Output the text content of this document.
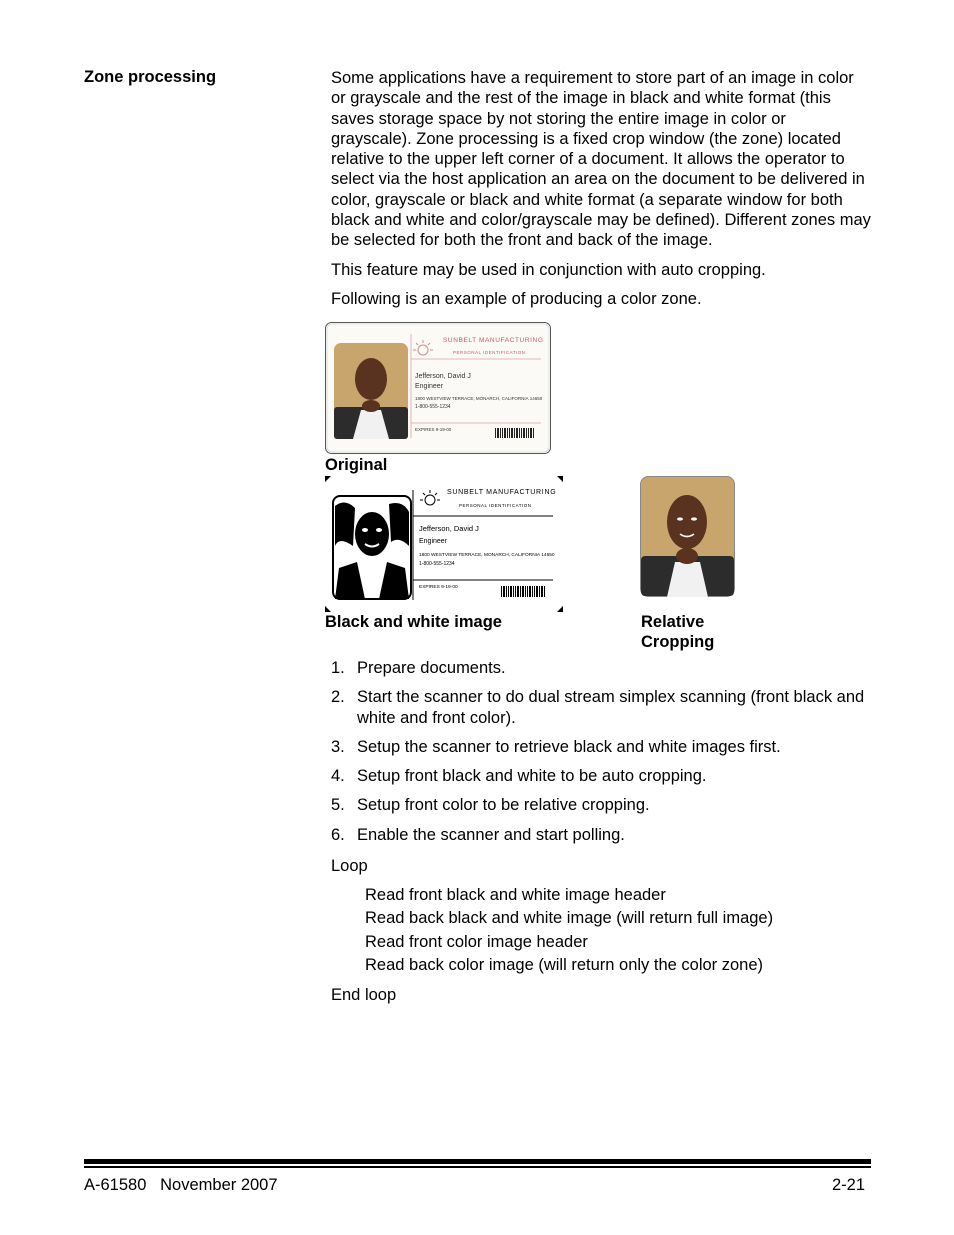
Zone processing	Some applications have a requirement to store part of an image in color or grayscale and the rest of the image in black and white format (this saves storage space by not storing the entire image in color or grayscale). Zone processing is a fixed crop window (the zone) located relative to the upper left corner of a document. It allows the operator to select via the host application an area on the document to be delivered in color, grayscale or black and white format (a separate window for both black and white and color/grayscale may be defined). Different zones may be selected for both the front and back of the image.
This feature may be used in conjunction with auto cropping.
Following is an example of producing a color zone.
SUNBELT MANUFACTURING
PERSONAL IDENTIFICATION
Jefferson, David J
Engineer
1800 WESTVIEW TERRACE, MONARCH, CALIFORNIA 14650
1-800-555-1234
EXPIRES 9-19-00
Original
SUNBELT MANUFACTURING
PERSONAL IDENTIFICATION
Jefferson, David J
Engineer
1800 WESTVIEW TERRACE, MONARCH, CALIFORNIA 14650
1-800-555-1234
EXPIRES 9-19-00
Black and white image	Relative
Cropping
1. Prepare documents.
2. Start the scanner to do dual stream simplex scanning (front black and white and front color).
3. Setup the scanner to retrieve black and white images first.
4. Setup front black and white to be auto cropping.
5. Setup front color to be relative cropping.
6. Enable the scanner and start polling.
Loop
Read front black and white image header
Read back black and white image (will return full image)
Read front color image header
Read back color image (will return only the color zone)
End loop
A-61580   November 2007	2-21
